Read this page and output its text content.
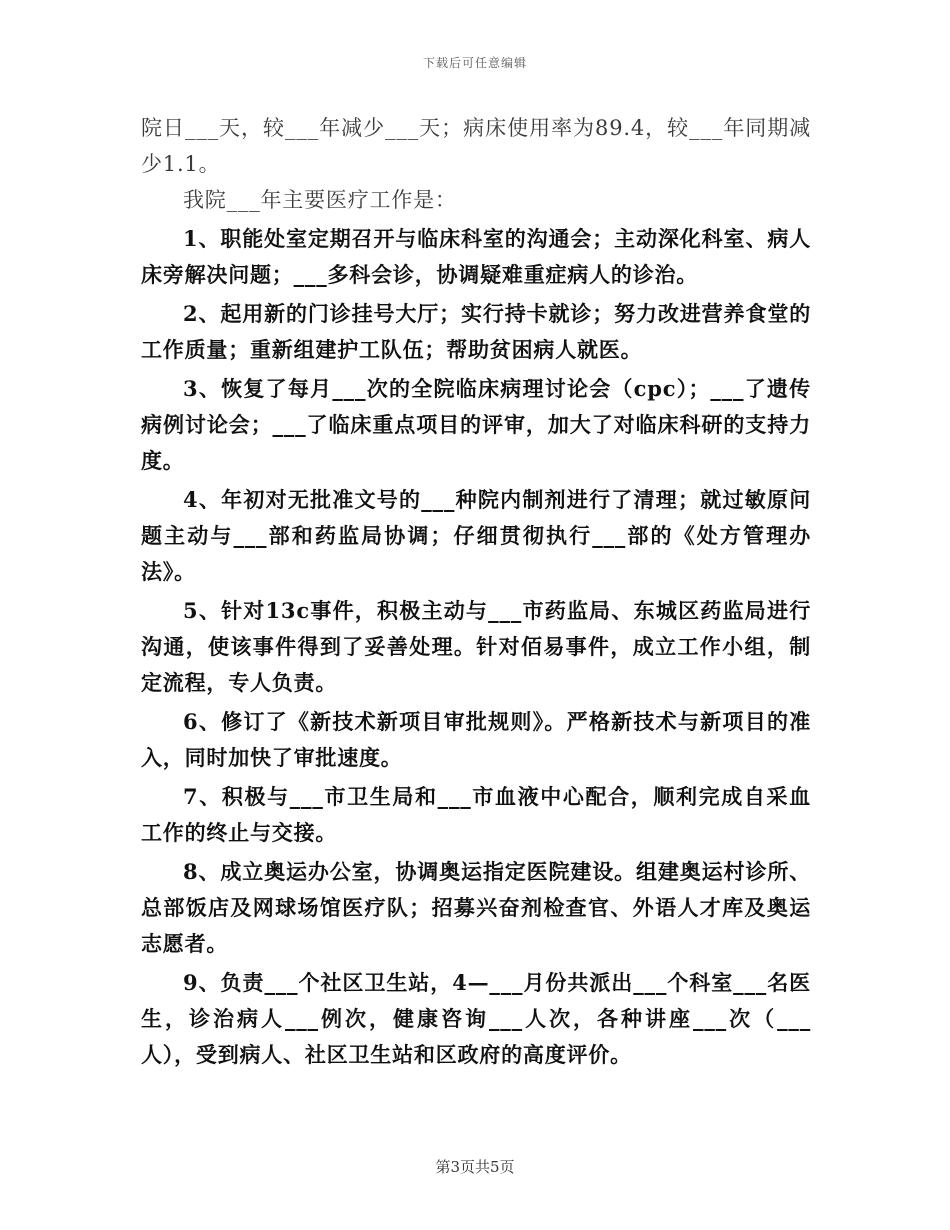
下载后可任意编辑

院日___天，较___年减少___天；病床使用率为89.4，较___年同期减少1.1。

我院___年主要医疗工作是：

1、职能处室定期召开与临床科室的沟通会；主动深化科室、病人床旁解决问题；___多科会诊，协调疑难重症病人的诊治。

2、起用新的门诊挂号大厅；实行持卡就诊；努力改进营养食堂的工作质量；重新组建护工队伍；帮助贫困病人就医。

3、恢复了每月___次的全院临床病理讨论会（cpc）；___了遗传病例讨论会；___了临床重点项目的评审，加大了对临床科研的支持力度。

4、年初对无批准文号的___种院内制剂进行了清理；就过敏原问题主动与___部和药监局协调；仔细贯彻执行___部的《处方管理办法》。

5、针对13c事件，积极主动与___市药监局、东城区药监局进行沟通，使该事件得到了妥善处理。针对佰易事件，成立工作小组，制定流程，专人负责。

6、修订了《新技术新项目审批规则》。严格新技术与新项目的准入，同时加快了审批速度。

7、积极与___市卫生局和___市血液中心配合，顺利完成自采血工作的终止与交接。

8、成立奥运办公室，协调奥运指定医院建设。组建奥运村诊所、总部饭店及网球场馆医疗队；招募兴奋剂检查官、外语人才库及奥运志愿者。

9、负责___个社区卫生站，4—___月份共派出___个科室___名医生，诊治病人___例次，健康咨询___人次，各种讲座___次（___人），受到病人、社区卫生站和区政府的高度评价。

第3页共5页
